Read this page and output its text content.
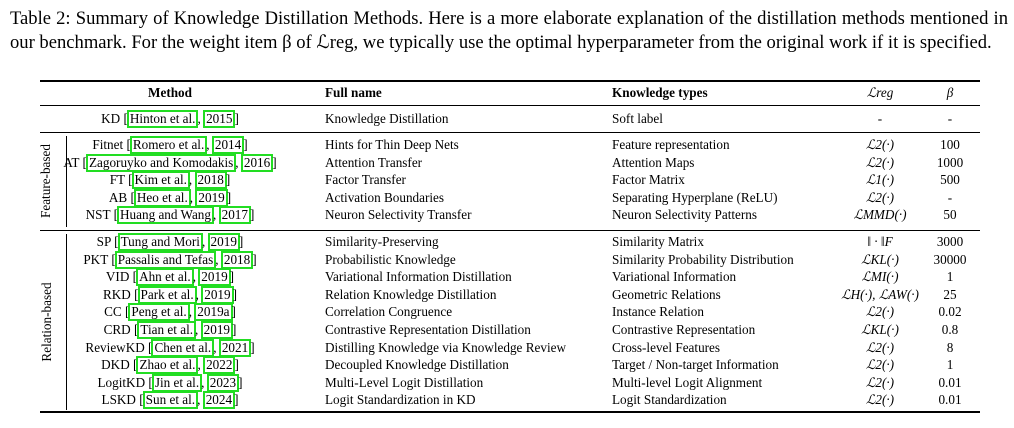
Table 2: Summary of Knowledge Distillation Methods. Here is a more elaborate explanation of the distillation methods mentioned in our benchmark. For the weight item β of ℒreg, we typically use the optimal hyperparameter from the original work if it is specified.

Method	Full name	Knowledge types	ℒreg	β
KD [ Hinton et al. , 2015 ]	Knowledge Distillation	Soft label	-	-
Feature-based	Fitnet [ Romero et al. , 2014 ]	Hints for Thin Deep Nets	Feature representation	ℒ2(·)	100
AT [ Zagoruyko and Komodakis , 2016 ]	Attention Transfer	Attention Maps	ℒ2(·)	1000
FT [ Kim et al. , 2018 ]	Factor Transfer	Factor Matrix	ℒ1(·)	500
AB [ Heo et al. , 2019 ]	Activation Boundaries	Separating Hyperplane (ReLU)	ℒ2(·)	-
NST [ Huang and Wang , 2017 ]	Neuron Selectivity Transfer	Neuron Selectivity Patterns	ℒMMD(·)	50
Relation-based
SP [ Tung and Mori , 2019 ]	Similarity-Preserving	Similarity Matrix	‖ · ‖F	3000
PKT [ Passalis and Tefas , 2018 ]	Probabilistic Knowledge	Similarity Probability Distribution	ℒKL(·)	30000
VID [ Ahn et al. , 2019 ]	Variational Information Distillation	Variational Information	ℒMI(·)	1
RKD [ Park et al. , 2019 ]	Relation Knowledge Distillation	Geometric Relations	ℒH(·), ℒAW(·)	25
CC [ Peng et al. , 2019a ]	Correlation Congruence	Instance Relation	ℒ2(·)	0.02
CRD [ Tian et al. , 2019 ]	Contrastive Representation Distillation	Contrastive Representation	ℒKL(·)	0.8
ReviewKD [ Chen et al. , 2021 ]	Distilling Knowledge via Knowledge Review	Cross-level Features	ℒ2(·)	8
DKD [ Zhao et al. , 2022 ]	Decoupled Knowledge Distillation	Target / Non-target Information	ℒ2(·)	1
LogitKD [ Jin et al. , 2023 ]	Multi-Level Logit Distillation	Multi-level Logit Alignment	ℒ2(·)	0.01
LSKD [ Sun et al. , 2024 ]	Logit Standardization in KD	Logit Standardization	ℒ2(·)	0.01
